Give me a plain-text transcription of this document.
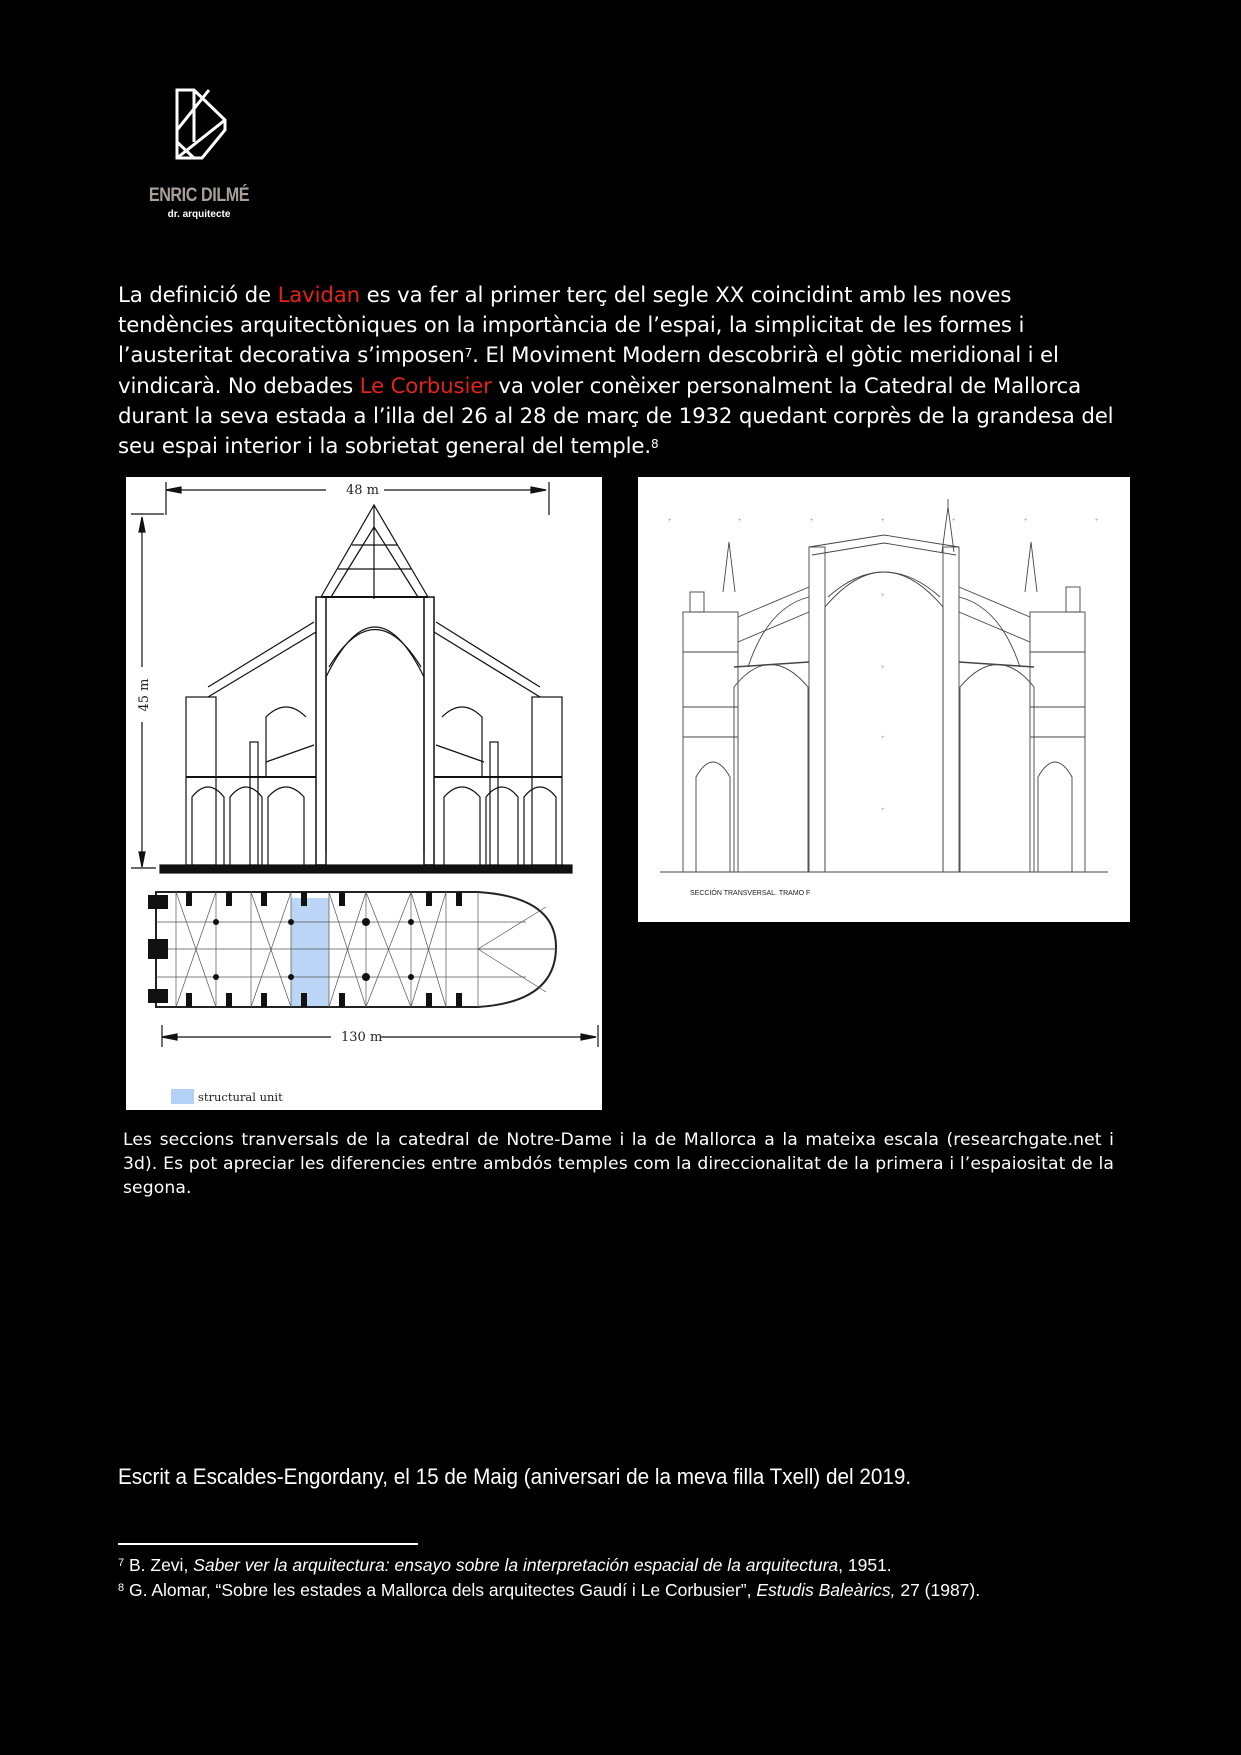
ENRIC DILMÉ
dr. arquitecte
La definició de Lavidan es va fer al primer terç del segle XX coincidint amb les noves tendències arquitectòniques on la importància de l’espai, la simplicitat de les formes i l’austeritat decorativa s’imposen$^7$. El Moviment Modern descobrirà el gòtic meridional i el vindicarà. No debades Le Corbusier va voler conèixer personalment la Catedral de Mallorca durant la seva estada a l’illa del 26 al 28 de març de 1932 quedant corprès de la grandesa del seu espai interior i la sobrietat general del temple.$^8$
48 m
45 m
130 m
structural unit
+	+	+	+	+	+	+
+
+
+
+
SECCIÓN TRANSVERSAL. TRAMO F
Les seccions tranversals de la catedral de Notre-Dame i la de Mallorca a la mateixa escala (researchgate.net i 3d). Es pot apreciar les diferencies entre ambdós temples com la direccionalitat de la primera i l’espaiositat de la segona.
Escrit a Escaldes-Engordany, el 15 de Maig (aniversari de la meva filla Txell) del 2019.
$^7$ B. Zevi, Saber ver la arquitectura: ensayo sobre la interpretación espacial de la arquitectura, 1951.
$^8$ G. Alomar, “Sobre les estades a Mallorca dels arquitectes Gaudí i Le Corbusier”, Estudis Baleàrics, 27 (1987).
